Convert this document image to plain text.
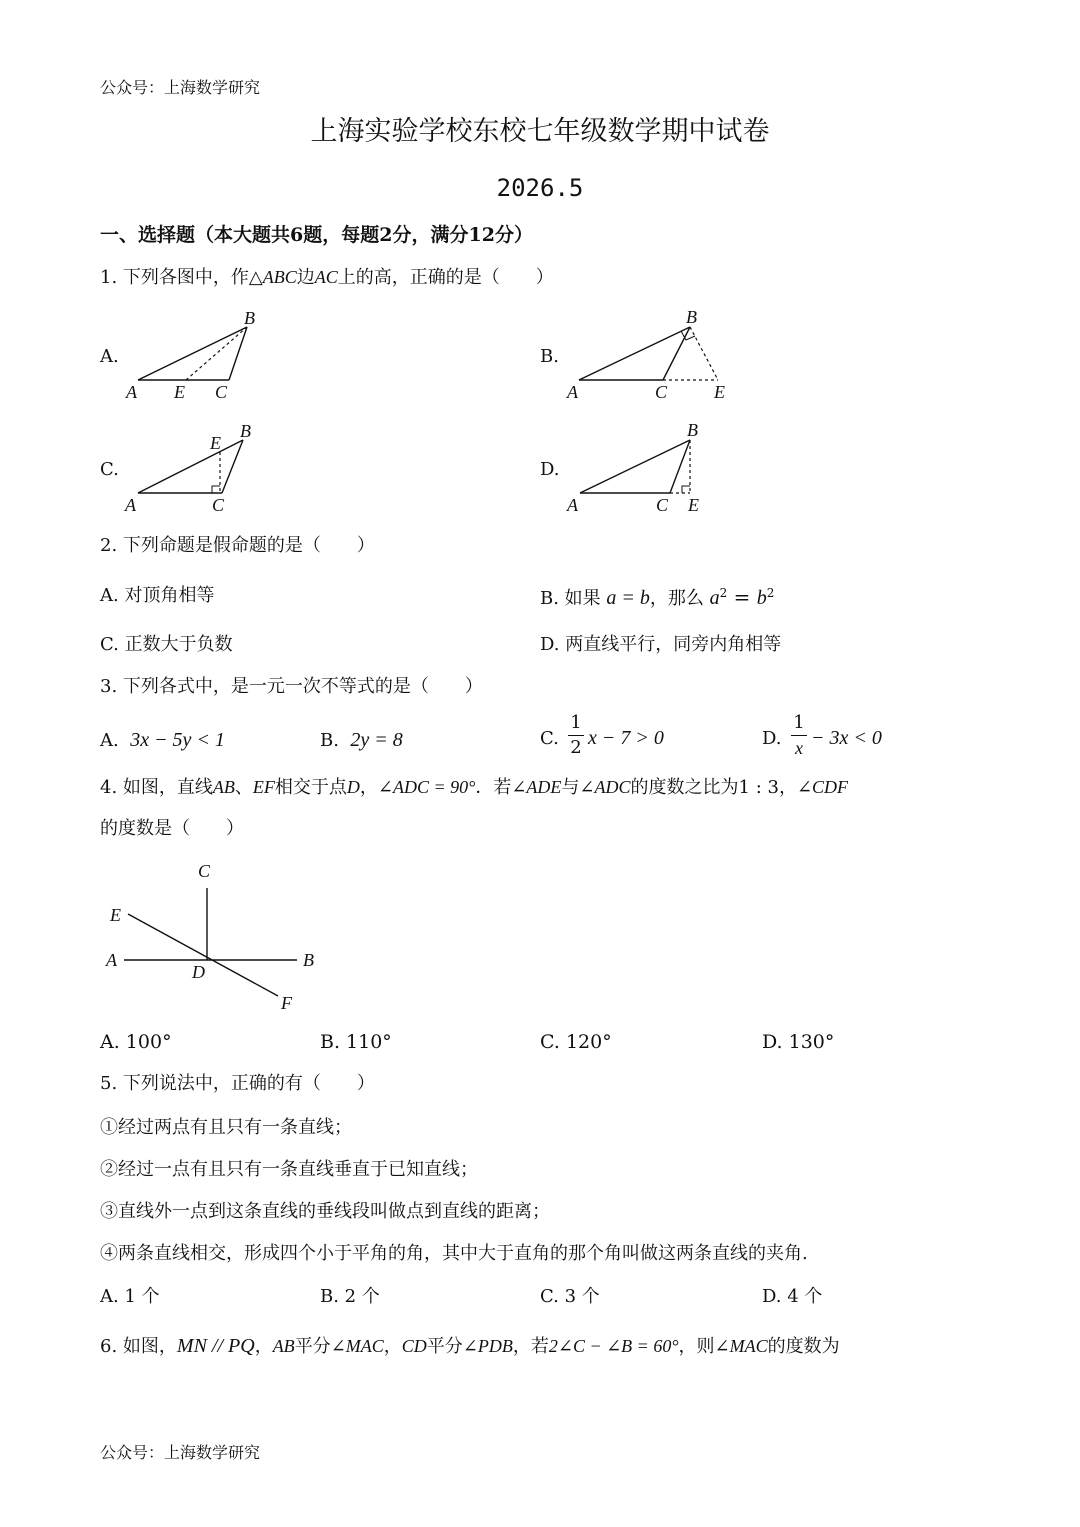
公众号：上海数学研究
上海实验学校东校七年级数学期中试卷
2026.5
一、选择题（本大题共6题，每题2分，满分12分）
1. 下列各图中，作△ABC边AC上的高，正确的是（　　）
A.	B.
C.	D.
B
A E C
B
A	C	E
B
E
A	C
B
A	C E
2. 下列命题是假命题的是（　　）
A. 对顶角相等	B. 如果 a = b，那么 $a^2 = b^2$
C. 正数大于负数	D. 两直线平行，同旁内角相等
3. 下列各式中，是一元一次不等式的是（　　）
A. 3x − 5y < 1	B. 2y = 8	C.
1
2 x − 7 > 0	D.
1
x − 3x < 0
4. 如图，直线AB、EF相交于点D，∠ADC = 90°．若∠ADE与∠ADC的度数之比为1 : 3，∠CDF
的度数是（　　）
C
E
A	B
D
F
A. 100°	B. 110°	C. 120°	D. 130°
5. 下列说法中，正确的有（　　）
①经过两点有且只有一条直线；
②经过一点有且只有一条直线垂直于已知直线；
③直线外一点到这条直线的垂线段叫做点到直线的距离；
④两条直线相交，形成四个小于平角的角，其中大于直角的那个角叫做这两条直线的夹角.
A. 1 个	B. 2 个	C. 3 个	D. 4 个
6. 如图，MN // PQ，AB平分∠MAC，CD平分∠PDB，若2∠C − ∠B = 60°，则∠MAC的度数为
公众号：上海数学研究
